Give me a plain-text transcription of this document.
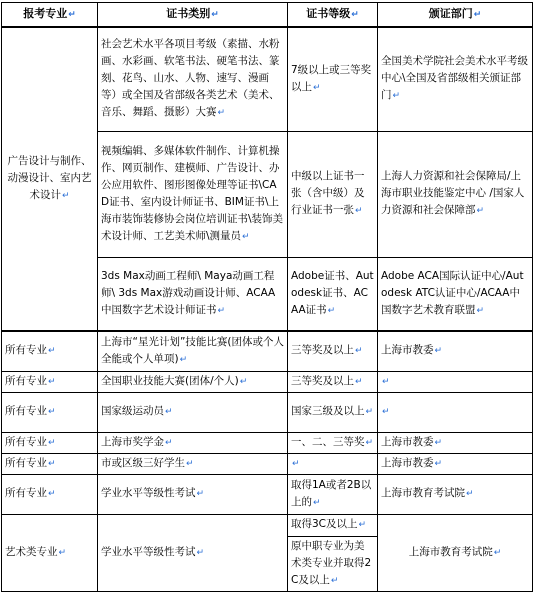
报考专业↵	证书类别↵	证书等级↵	颁证部门↵
广告设计与制作、动漫设计、室内艺术设计↵	社会艺术水平各项目考级（素描、水粉画、水彩画、软笔书法、硬笔书法、篆刻、花鸟、山水、人物、速写、漫画等）或全国及省部级各类艺术（美术、音乐、舞蹈、摄影）大赛↵	7级以上或三等奖以上↵	全国美术学院社会美术水平考级中心\全国及省部级相关颁证部门↵
	视频编辑、多媒体软件制作、计算机操作、网页制作、建模师、广告设计、办公应用软件、图形图像处理等证书\CAD证书、室内设计师证书、BIM证书\上海市装饰装修协会岗位培训证书\装饰美术设计师、工艺美术师\测量员↵	中级以上证书一张（含中级）及行业证书一张↵	上海人力资源和社会保障局/上海市职业技能鉴定中心 /国家人力资源和社会保障部↵
	3ds Max动画工程师\ Maya动画工程师\ 3ds Max游戏动画设计师、ACAA中国数字艺术设计师证书↵	Adobe证书、Autodesk证书、ACAA证书↵	Adobe ACA国际认证中心/Autodesk ATC认证中心/ACAA中国数字艺术教育联盟↵
所有专业↵	上海市“星光计划”技能比赛(团体或个人全能或个人单项)↵	三等奖及以上↵	上海市教委↵
所有专业↵	全国职业技能大赛(团体/个人)↵	三等奖及以上↵	↵
所有专业↵	国家级运动员↵	国家三级及以上↵	↵
所有专业↵	上海市奖学金↵	一、二、三等奖↵	上海市教委↵
所有专业↵	市或区级三好学生↵	↵	上海市教委↵
所有专业↵	学业水平等级性考试↵	取得1A或者2B以上的↵	上海市教育考试院↵
艺术类专业↵	学业水平等级性考试↵	取得3C及以上↵	上海市教育考试院↵
		原中职专业为美术类专业并取得2C及以上↵	
